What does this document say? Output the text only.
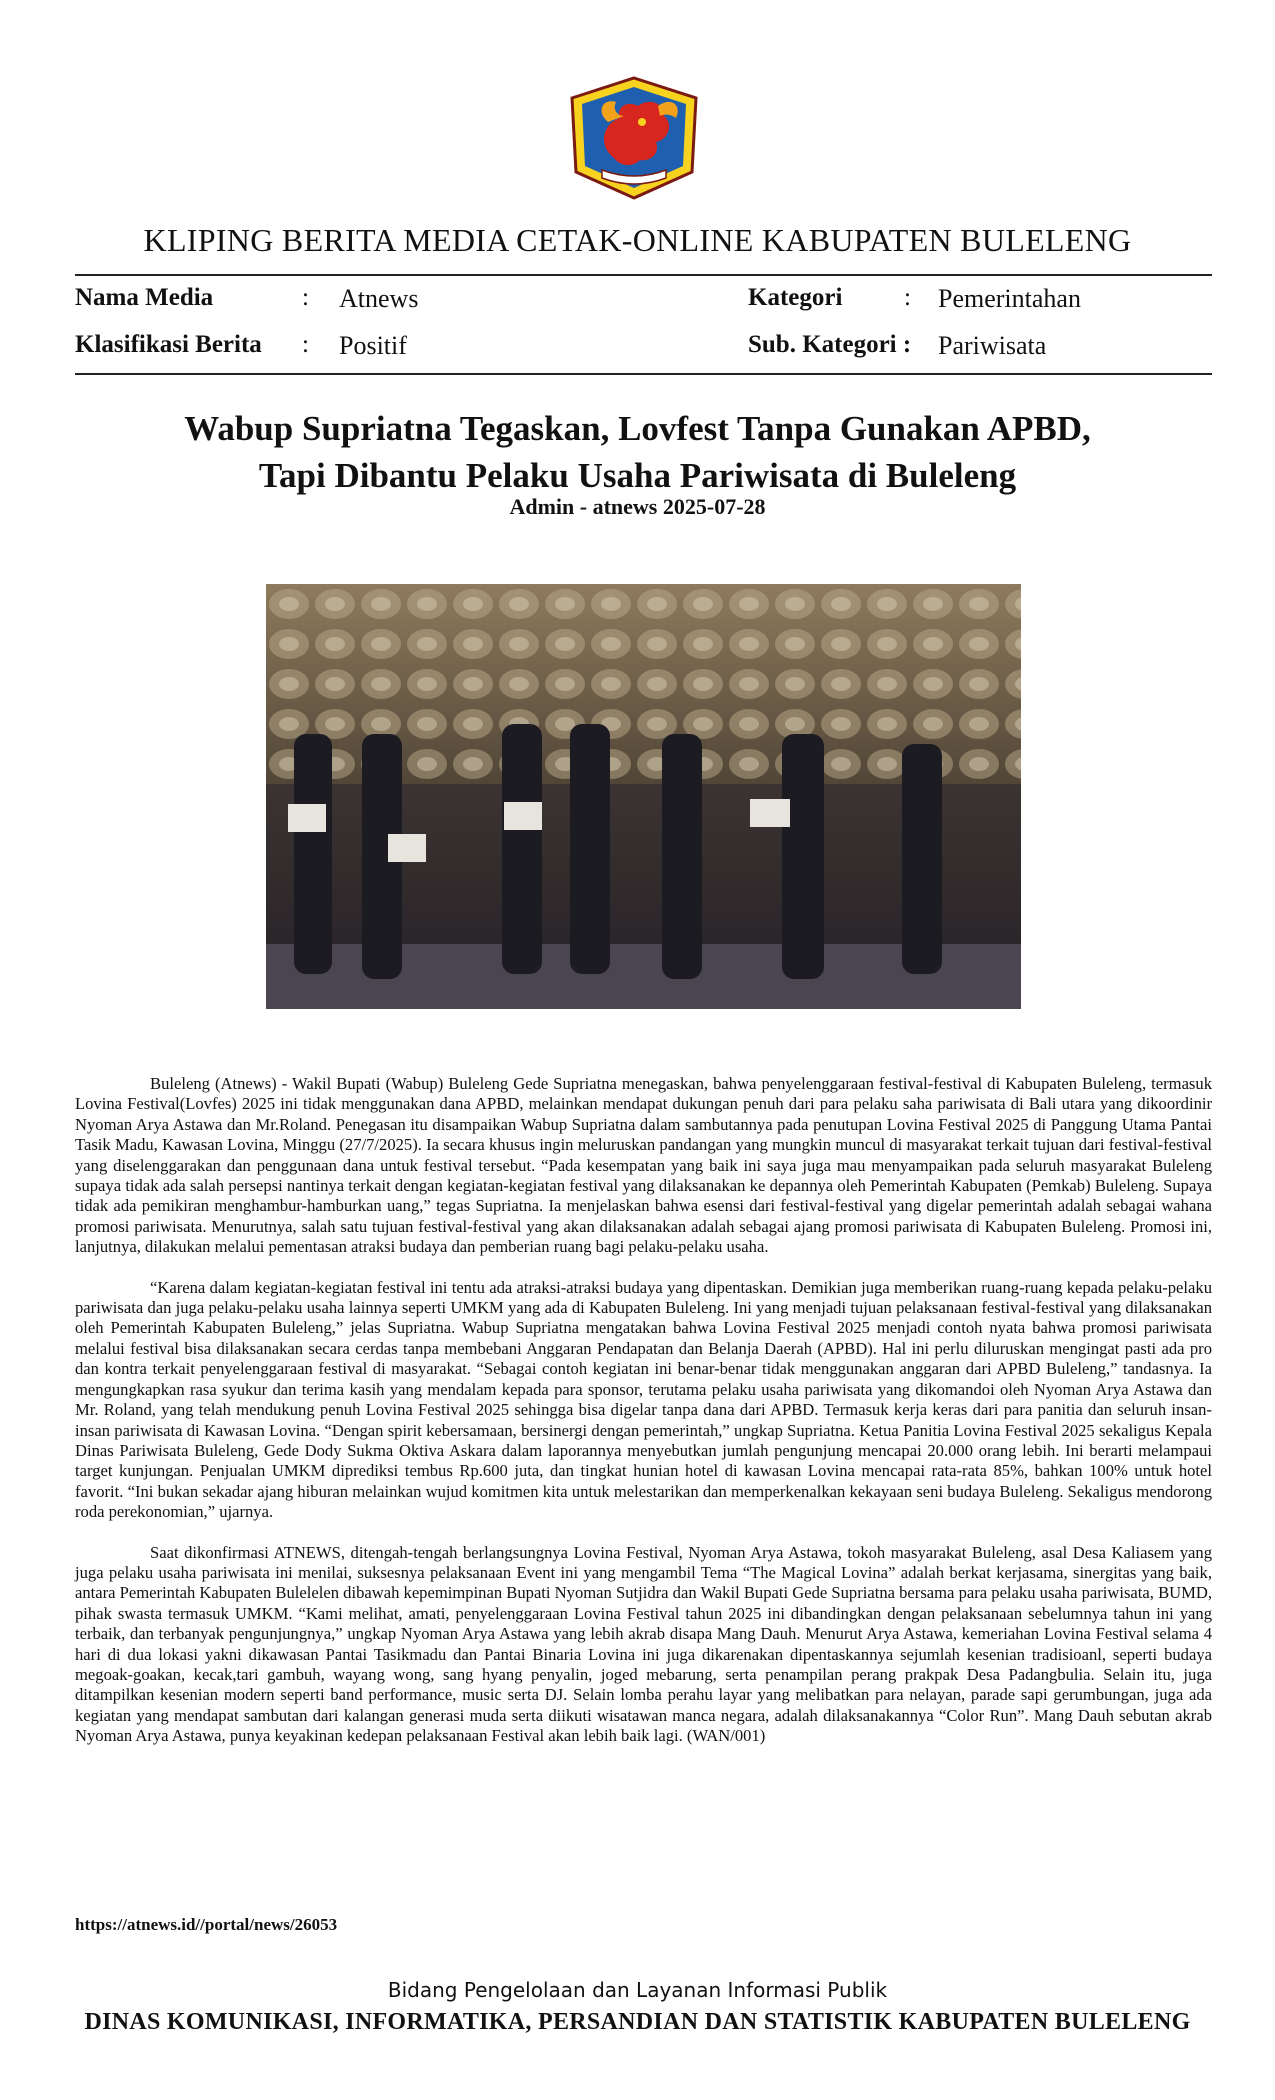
KLIPING BERITA MEDIA CETAK-ONLINE KABUPATEN BULELENG
Nama Media	: Atnews	Kategori : Pemerintahan
Klasifikasi Berita : Positif	Sub. Kategori : Pariwisata
Wabup Supriatna Tegaskan, Lovfest Tanpa Gunakan APBD,
Tapi Dibantu Pelaku Usaha Pariwisata di Buleleng
Admin - atnews 2025-07-28

Buleleng (Atnews) - Wakil Bupati (Wabup) Buleleng Gede Supriatna menegaskan, bahwa penyelenggaraan festival-festival di Kabupaten Buleleng, termasuk Lovina Festival(Lovfes) 2025 ini tidak menggunakan dana APBD, melainkan mendapat dukungan penuh dari para pelaku saha pariwisata di Bali utara yang dikoordinir Nyoman Arya Astawa dan Mr.Roland. Penegasan itu disampaikan Wabup Supriatna dalam sambutannya pada penutupan Lovina Festival 2025 di Panggung Utama Pantai Tasik Madu, Kawasan Lovina, Minggu (27/7/2025). Ia secara khusus ingin meluruskan pandangan yang mungkin muncul di masyarakat terkait tujuan dari festival-festival yang diselenggarakan dan penggunaan dana untuk festival tersebut. “Pada kesempatan yang baik ini saya juga mau menyampaikan pada seluruh masyarakat Buleleng supaya tidak ada salah persepsi nantinya terkait dengan kegiatan-kegiatan festival yang dilaksanakan ke depannya oleh Pemerintah Kabupaten (Pemkab) Buleleng. Supaya tidak ada pemikiran menghambur-hamburkan uang,” tegas Supriatna. Ia menjelaskan bahwa esensi dari festival-festival yang digelar pemerintah adalah sebagai wahana promosi pariwisata. Menurutnya, salah satu tujuan festival-festival yang akan dilaksanakan adalah sebagai ajang promosi pariwisata di Kabupaten Buleleng. Promosi ini, lanjutnya, dilakukan melalui pementasan atraksi budaya dan pemberian ruang bagi pelaku-pelaku usaha.

“Karena dalam kegiatan-kegiatan festival ini tentu ada atraksi-atraksi budaya yang dipentaskan. Demikian juga memberikan ruang-ruang kepada pelaku-pelaku pariwisata dan juga pelaku-pelaku usaha lainnya seperti UMKM yang ada di Kabupaten Buleleng. Ini yang menjadi tujuan pelaksanaan festival-festival yang dilaksanakan oleh Pemerintah Kabupaten Buleleng,” jelas Supriatna. Wabup Supriatna mengatakan bahwa Lovina Festival 2025 menjadi contoh nyata bahwa promosi pariwisata melalui festival bisa dilaksanakan secara cerdas tanpa membebani Anggaran Pendapatan dan Belanja Daerah (APBD). Hal ini perlu diluruskan mengingat pasti ada pro dan kontra terkait penyelenggaraan festival di masyarakat. “Sebagai contoh kegiatan ini benar-benar tidak menggunakan anggaran dari APBD Buleleng,” tandasnya. Ia mengungkapkan rasa syukur dan terima kasih yang mendalam kepada para sponsor, terutama pelaku usaha pariwisata yang dikomandoi oleh Nyoman Arya Astawa dan Mr. Roland, yang telah mendukung penuh Lovina Festival 2025 sehingga bisa digelar tanpa dana dari APBD. Termasuk kerja keras dari para panitia dan seluruh insan-insan pariwisata di Kawasan Lovina. “Dengan spirit kebersamaan, bersinergi dengan pemerintah,” ungkap Supriatna. Ketua Panitia Lovina Festival 2025 sekaligus Kepala Dinas Pariwisata Buleleng, Gede Dody Sukma Oktiva Askara dalam laporannya menyebutkan jumlah pengunjung mencapai 20.000 orang lebih. Ini berarti melampaui target kunjungan. Penjualan UMKM diprediksi tembus Rp.600 juta, dan tingkat hunian hotel di kawasan Lovina mencapai rata-rata 85%, bahkan 100% untuk hotel favorit. “Ini bukan sekadar ajang hiburan melainkan wujud komitmen kita untuk melestarikan dan memperkenalkan kekayaan seni budaya Buleleng. Sekaligus mendorong roda perekonomian,” ujarnya.

Saat dikonfirmasi ATNEWS, ditengah-tengah berlangsungnya Lovina Festival, Nyoman Arya Astawa, tokoh masyarakat Buleleng, asal Desa Kaliasem yang juga pelaku usaha pariwisata ini menilai, suksesnya pelaksanaan Event ini yang mengambil Tema “The Magical Lovina” adalah berkat kerjasama, sinergitas yang baik, antara Pemerintah Kabupaten Bulelelen dibawah kepemimpinan Bupati Nyoman Sutjidra dan Wakil Bupati Gede Supriatna bersama para pelaku usaha pariwisata, BUMD, pihak swasta termasuk UMKM. “Kami melihat, amati, penyelenggaraan Lovina Festival tahun 2025 ini dibandingkan dengan pelaksanaan sebelumnya tahun ini yang terbaik, dan terbanyak pengunjungnya,” ungkap Nyoman Arya Astawa yang lebih akrab disapa Mang Dauh. Menurut Arya Astawa, kemeriahan Lovina Festival selama 4 hari di dua lokasi yakni dikawasan Pantai Tasikmadu dan Pantai Binaria Lovina ini juga dikarenakan dipentaskannya sejumlah kesenian tradisioanl, seperti budaya megoak-goakan, kecak,tari gambuh, wayang wong, sang hyang penyalin, joged mebarung, serta penampilan perang prakpak Desa Padangbulia. Selain itu, juga ditampilkan kesenian modern seperti band performance, music serta DJ. Selain lomba perahu layar yang melibatkan para nelayan, parade sapi gerumbungan, juga ada kegiatan yang mendapat sambutan dari kalangan generasi muda serta diikuti wisatawan manca negara, adalah dilaksanakannya “Color Run”. Mang Dauh sebutan akrab Nyoman Arya Astawa, punya keyakinan kedepan pelaksanaan Festival akan lebih baik lagi. (WAN/001)

https://atnews.id//portal/news/26053
Bidang Pengelolaan dan Layanan Informasi Publik
DINAS KOMUNIKASI, INFORMATIKA, PERSANDIAN DAN STATISTIK KABUPATEN BULELENG
